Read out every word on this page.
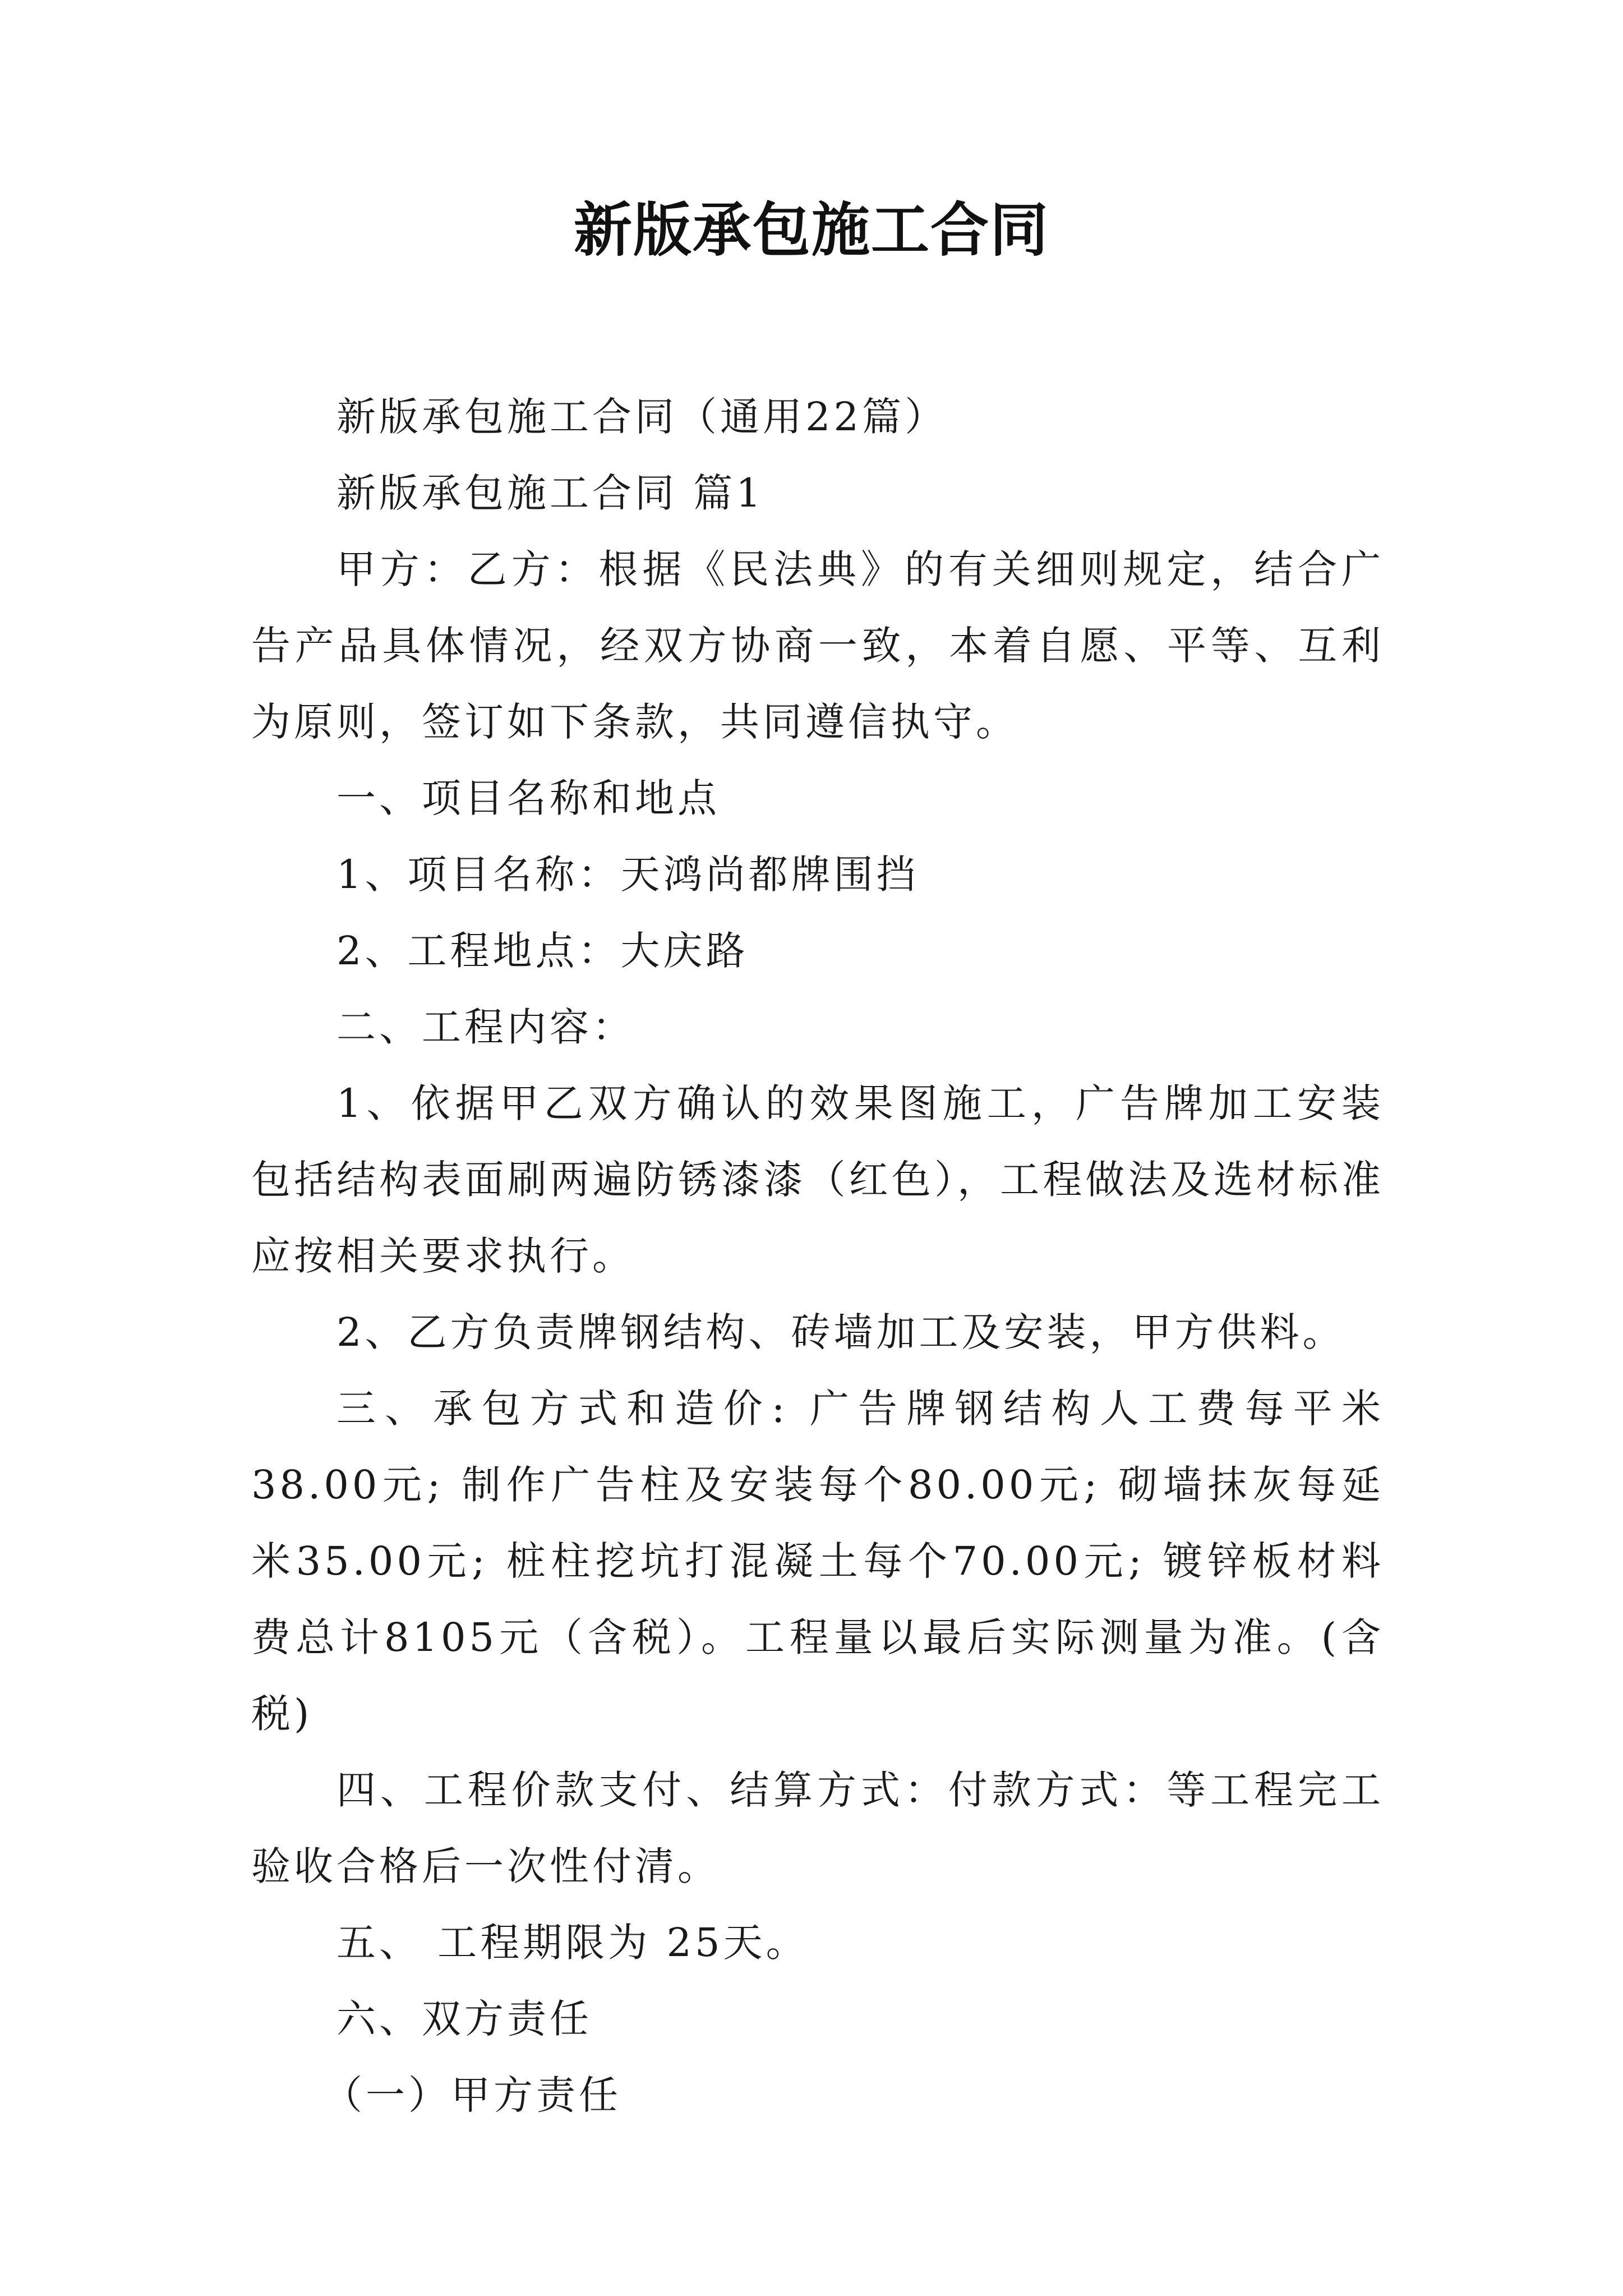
新版承包施工合同

新版承包施工合同（通用22篇）

新版承包施工合同 篇1

甲方：乙方：根据《民法典》的有关细则规定，结合广告产品具体情况，经双方协商一致，本着自愿、平等、互利为原则，签订如下条款，共同遵信执守。

一、项目名称和地点

1、项目名称：天鸿尚都牌围挡

2、工程地点：大庆路

二、工程内容：

1、依据甲乙双方确认的效果图施工，广告牌加工安装包括结构表面刷两遍防锈漆漆（红色），工程做法及选材标准应按相关要求执行。

2、乙方负责牌钢结构、砖墙加工及安装，甲方供料。

三、承包方式和造价: 广告牌钢结构人工费每平米38.00元; 制作广告柱及安装每个80.00元; 砌墙抹灰每延米35.00元; 桩柱挖坑打混凝土每个70.00元; 镀锌板材料费总计8105元（含税）。工程量以最后实际测量为准。(含税)

四、工程价款支付、结算方式：付款方式：等工程完工验收合格后一次性付清。

五、 工程期限为 25天。

六、双方责任

（一）甲方责任
